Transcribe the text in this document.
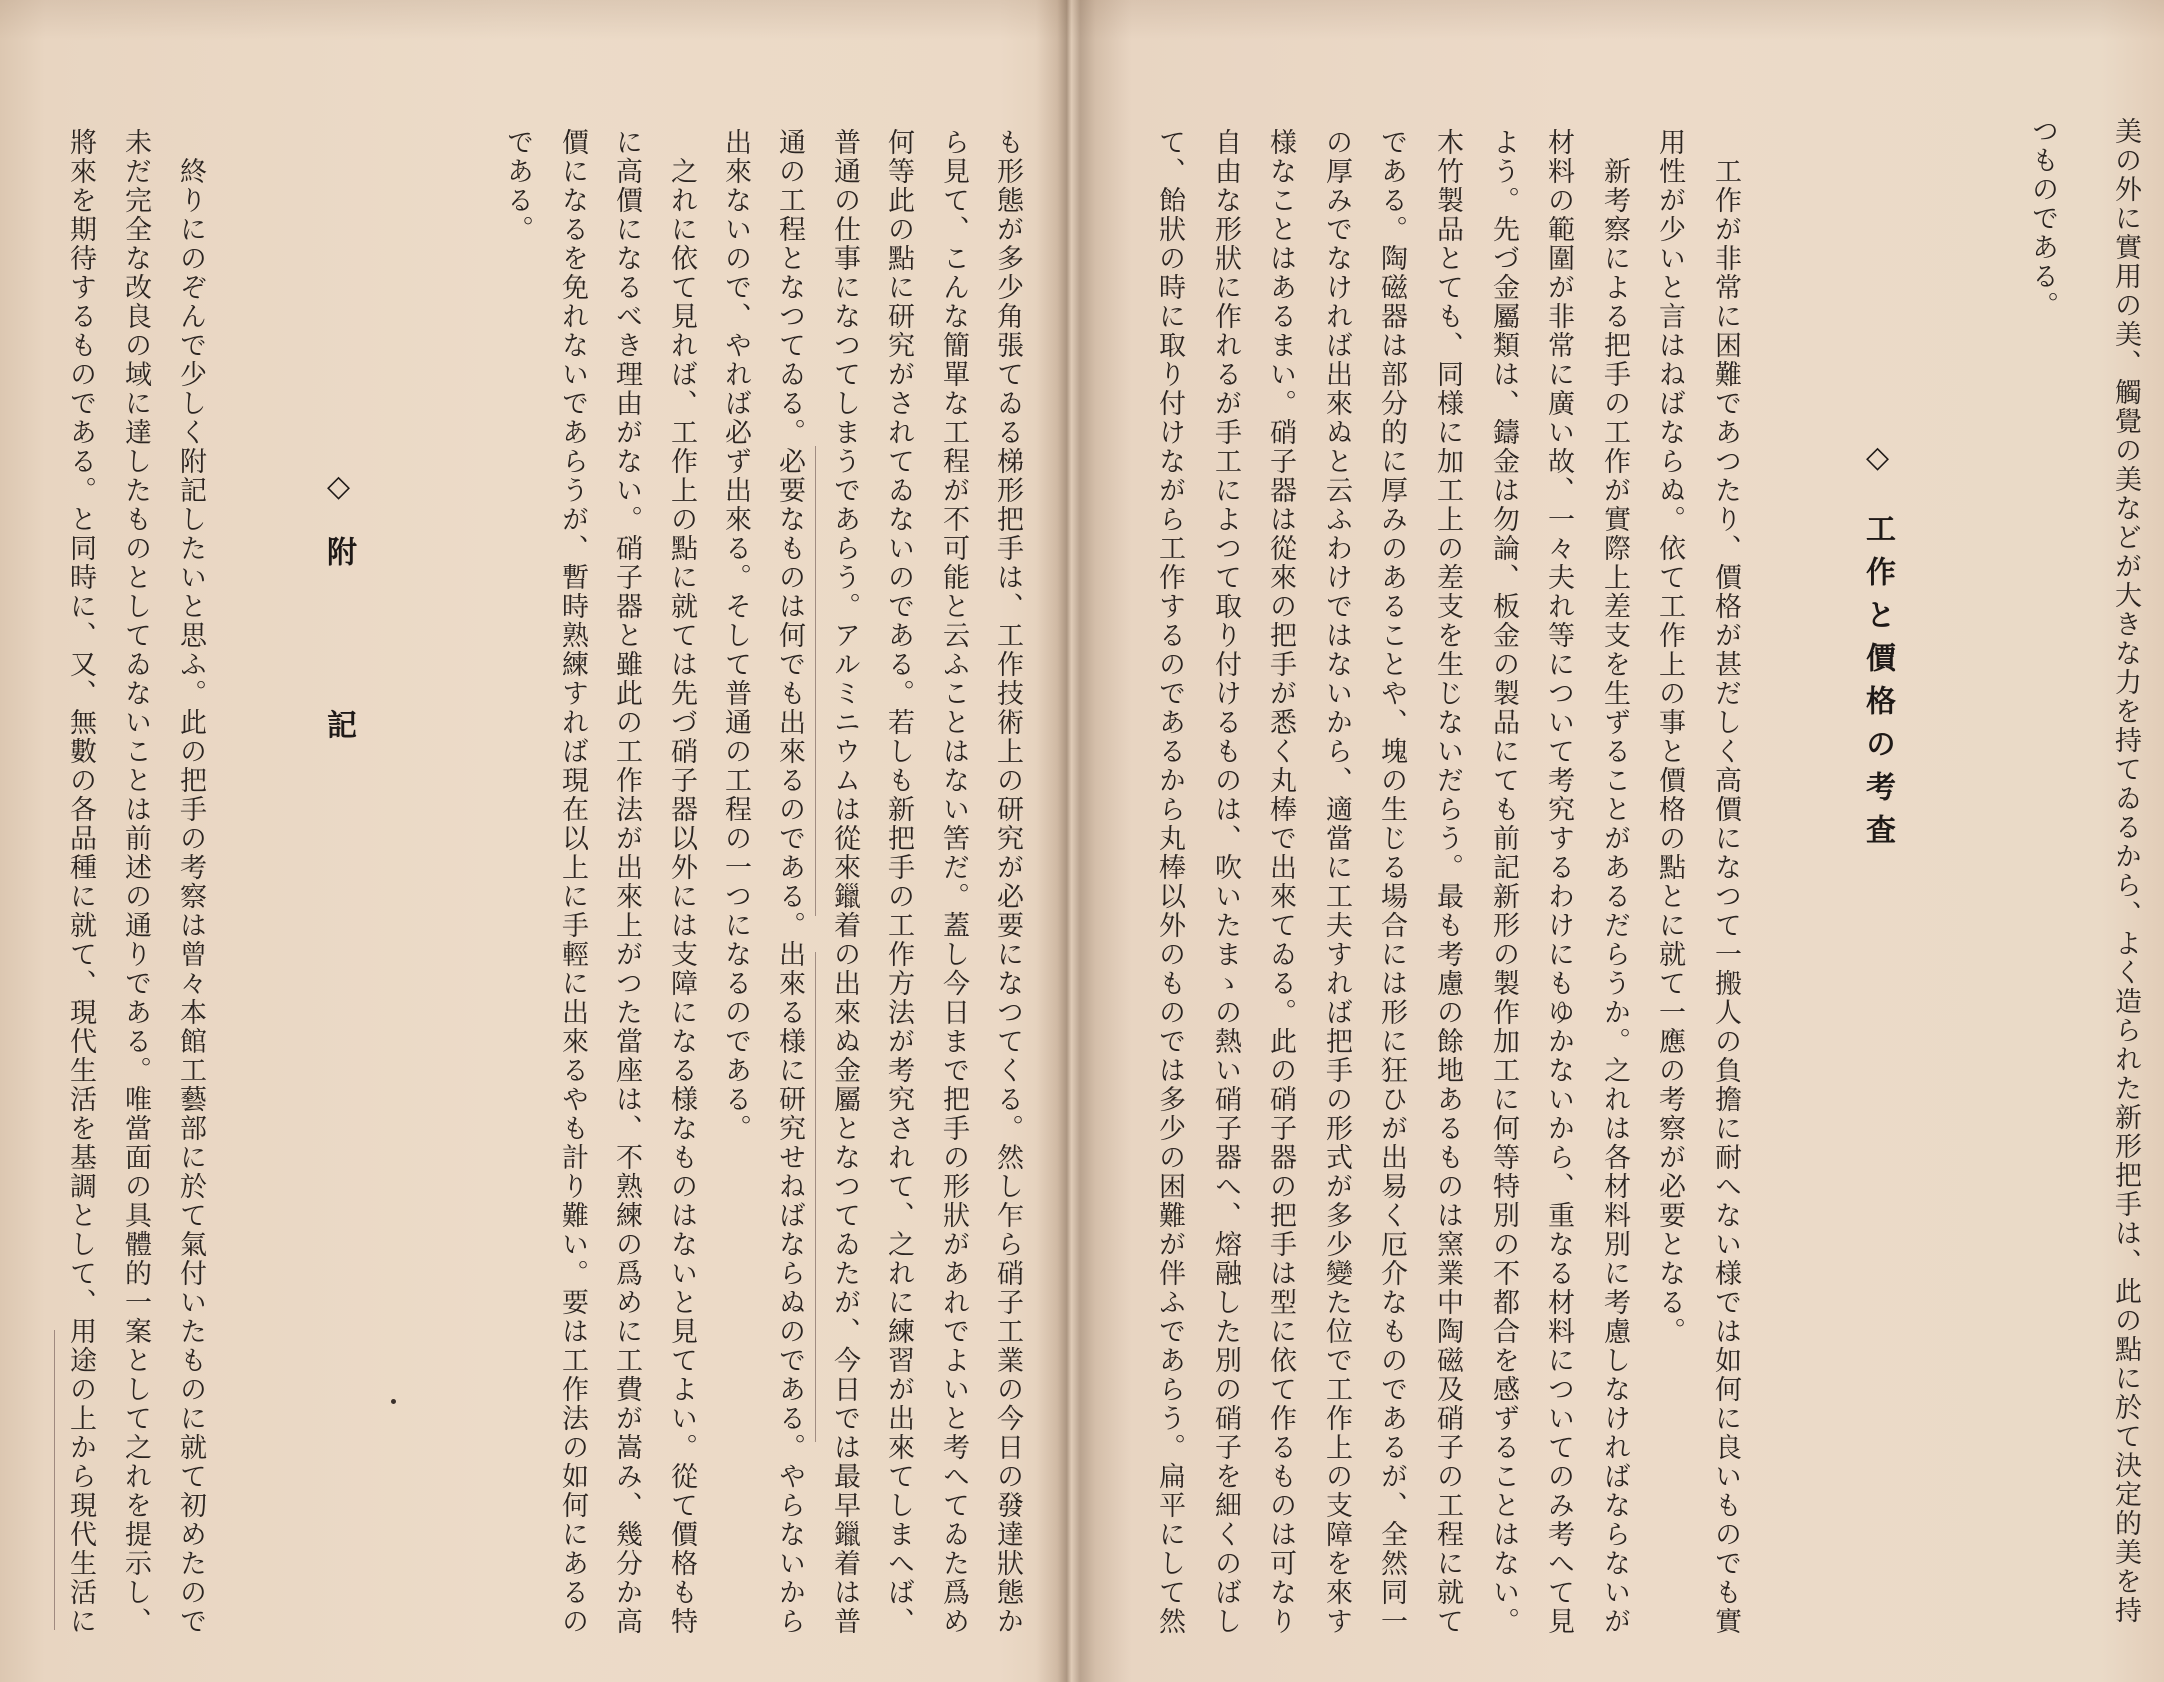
美の外に實用の美、觸覺の美などが大きな力を持てゐるから、よく造られた新形把手は、此の點に於て決定的美を持
つものである。
◇工作と價格の考査
工作が非常に困難であつたり、價格が甚だしく高價になつて一搬人の負擔に耐へない様では如何に良いものでも實
用性が少いと言はねばならぬ。依て工作上の事と價格の點とに就て一應の考察が必要となる。
新考察による把手の工作が實際上差支を生ずることがあるだらうか。之れは各材料別に考慮しなければならないが
材料の範圍が非常に廣い故、一々夫れ等について考究するわけにもゆかないから、重なる材料についてのみ考へて見
よう。先づ金屬類は、鑄金は勿論、板金の製品にても前記新形の製作加工に何等特別の不都合を感ずることはない。
木竹製品とても、同様に加工上の差支を生じないだらう。最も考慮の餘地あるものは窯業中陶磁及硝子の工程に就て
である。陶磁器は部分的に厚みのあることや、塊の生じる場合には形に狂ひが出易く厄介なものであるが、全然同一
の厚みでなければ出來ぬと云ふわけではないから、適當に工夫すれば把手の形式が多少變た位で工作上の支障を來す
様なことはあるまい。硝子器は從來の把手が悉く丸棒で出來てゐる。此の硝子器の把手は型に依て作るものは可なり
自由な形狀に作れるが手工によつて取り付けるものは、吹いたまゝの熱い硝子器へ、熔融した別の硝子を細くのばし
て、飴狀の時に取り付けながら工作するのであるから丸棒以外のものでは多少の困難が伴ふであらう。扁平にして然
も形態が多少角張てゐる梯形把手は、工作技術上の研究が必要になつてくる。然し乍ら硝子工業の今日の發達狀態か
ら見て、こんな簡單な工程が不可能と云ふことはない筈だ。蓋し今日まで把手の形狀があれでよいと考へてゐた爲め
何等此の點に研究がされてゐないのである。若しも新把手の工作方法が考究されて、之れに練習が出來てしまへば、
普通の仕事になつてしまうであらう。アルミニウムは從來鑞着の出來ぬ金屬となつてゐたが、今日では最早鑞着は普
通の工程となつてゐる。必要なものは何でも出來るのである。出來る様に研究せねばならぬのである。やらないから
出來ないので、やれば必ず出來る。そして普通の工程の一つになるのである。
之れに依て見れば、工作上の點に就ては先づ硝子器以外には支障になる様なものはないと見てよい。從て價格も特
に高價になるべき理由がない。硝子器と雖此の工作法が出來上がつた當座は、不熟練の爲めに工費が嵩み、幾分か高
價になるを免れないであらうが、暫時熟練すれば現在以上に手輕に出來るやも計り難い。要は工作法の如何にあるの
である。
◇附記
終りにのぞんで少しく附記したいと思ふ。此の把手の考察は曾々本館工藝部に於て氣付いたものに就て初めたので
未だ完全な改良の域に達したものとしてゐないことは前述の通りである。唯當面の具體的一案として之れを提示し、
將來を期待するものである。と同時に、又、無數の各品種に就て、現代生活を基調として、用途の上から現代生活に
